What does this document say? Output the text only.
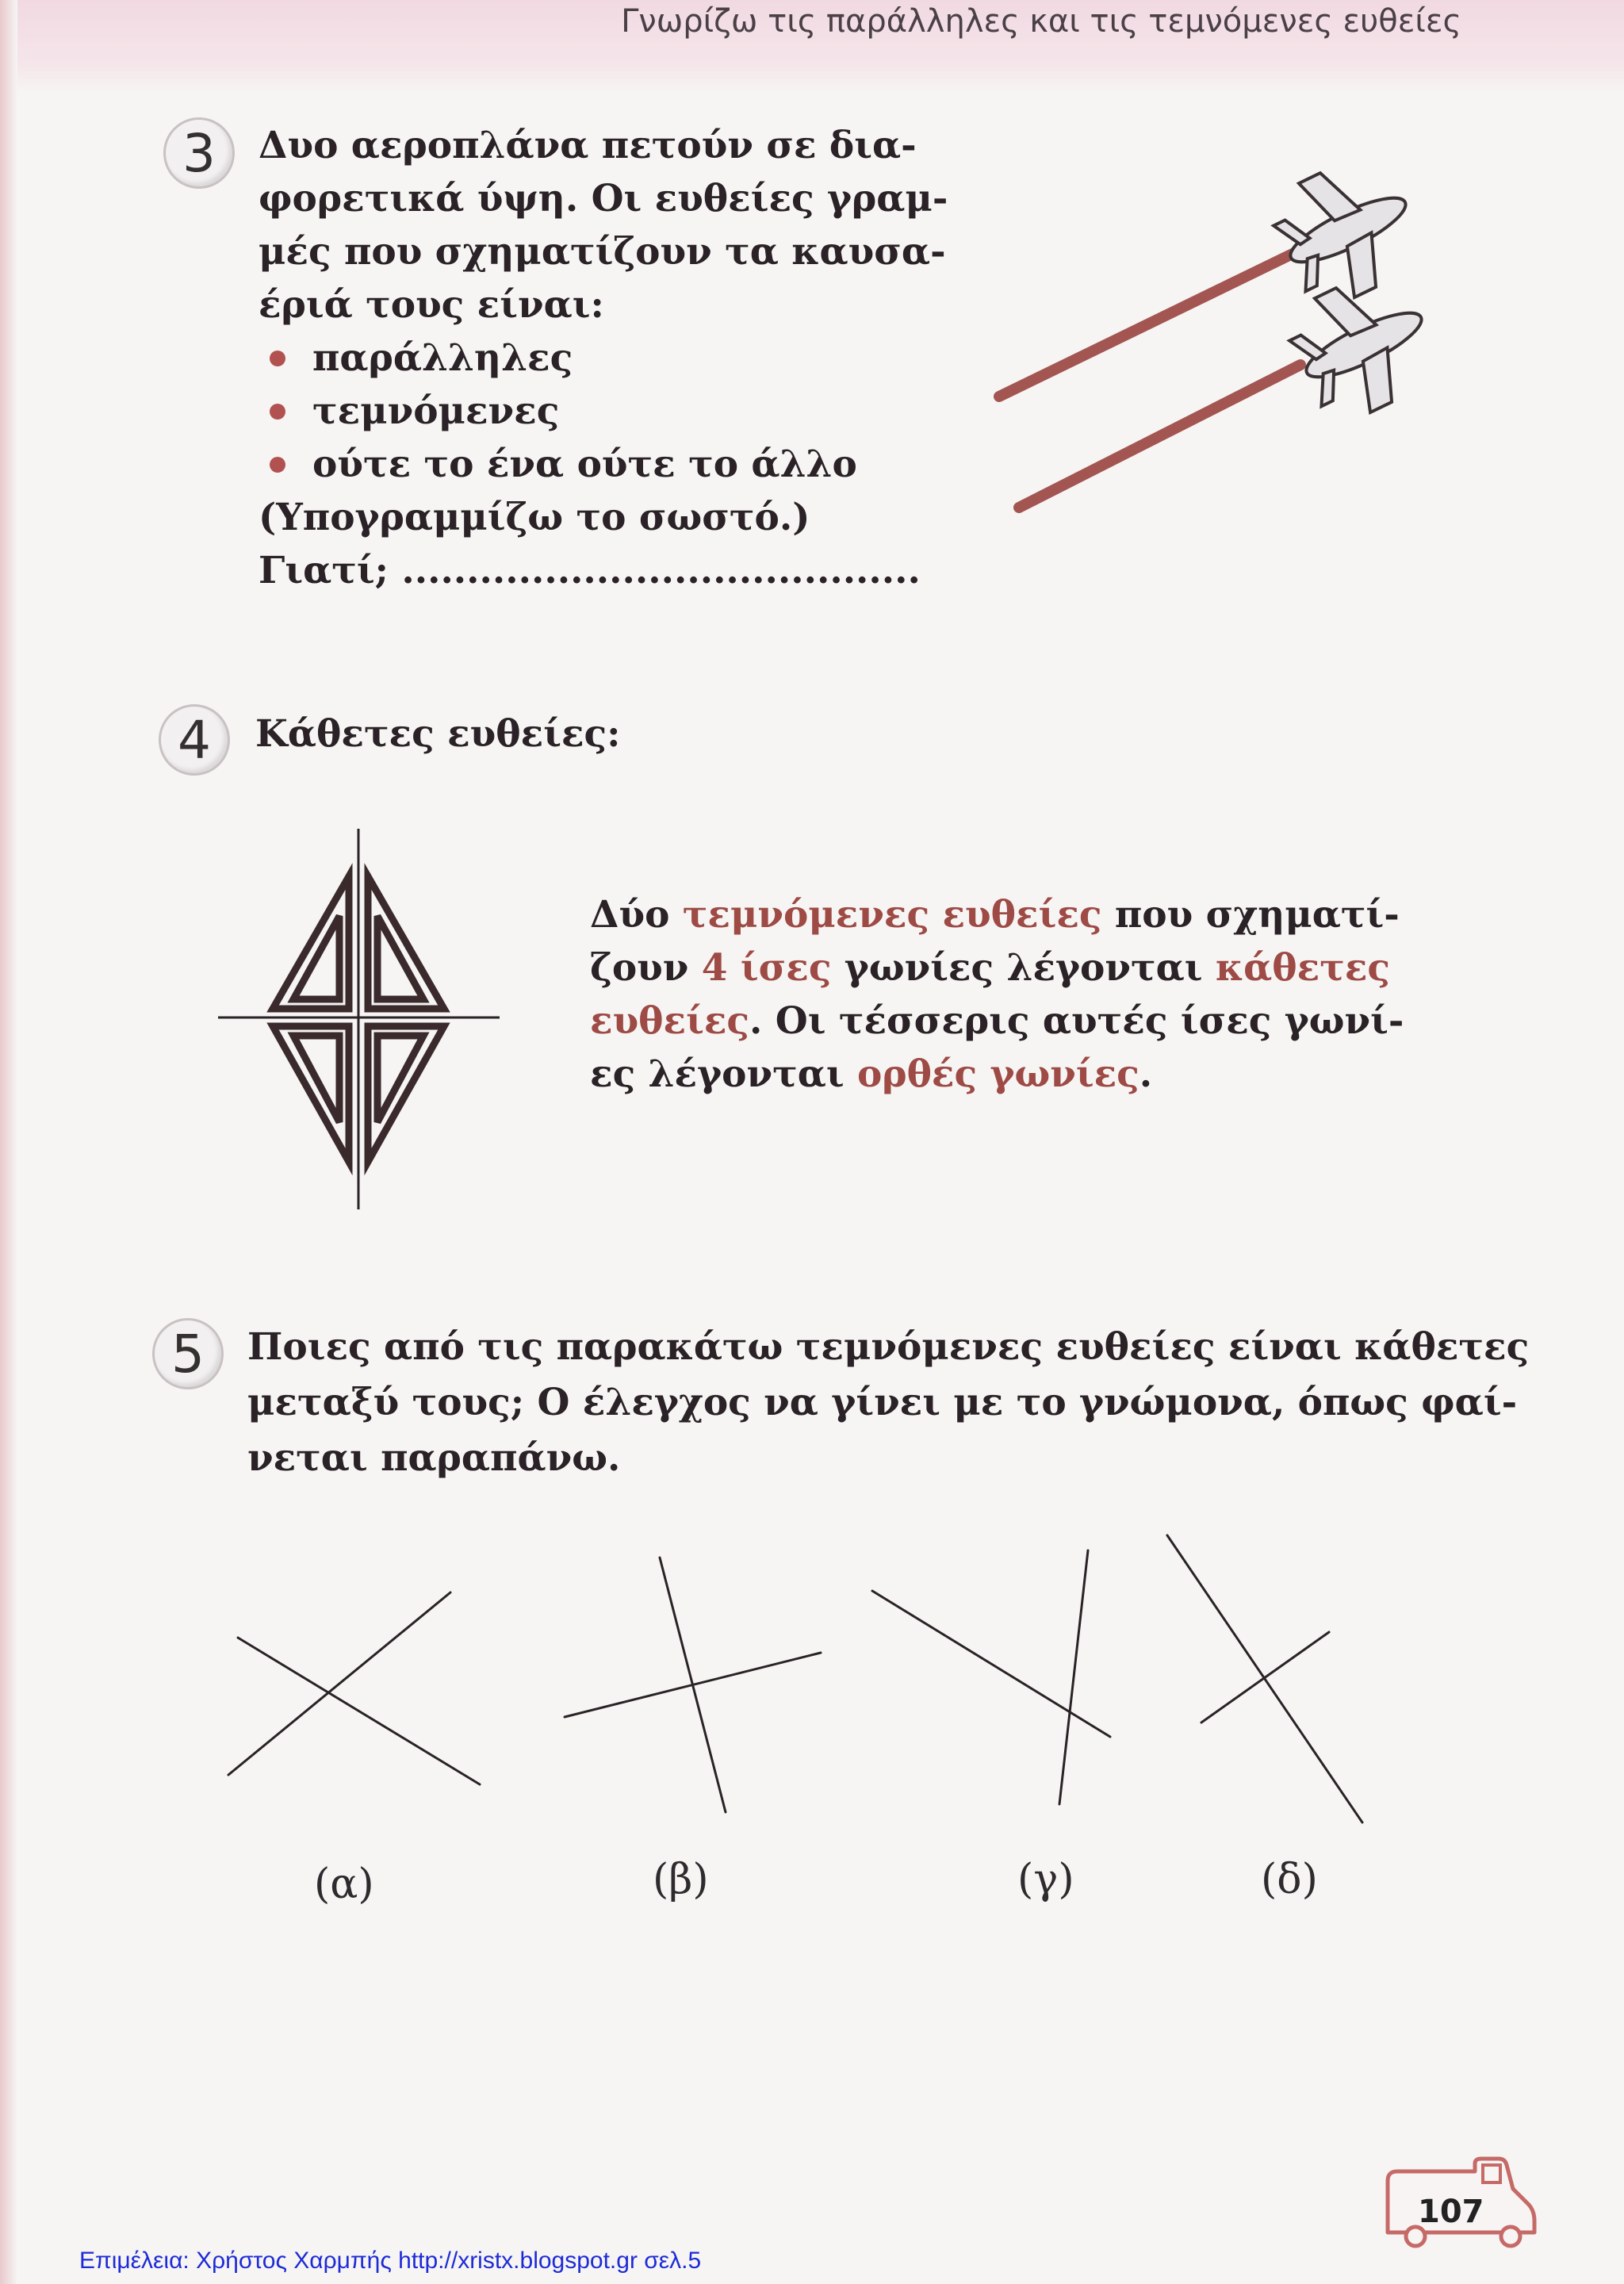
Γνωρίζω τις παράλληλες και τις τεμνόμενες ευθείες
3	Δυο αεροπλάνα πετούν σε δια-
φορετικά ύψη. Οι ευθείες γραμ-
μές που σχηματίζουν τα καυσα-
έριά τους είναι:
παράλληλες
τεμνόμενες
ούτε το ένα ούτε το άλλο
(Υπογραμμίζω το σωστό.)
Γιατί; ........................................
4	Κάθετες ευθείες:
Δύο τεμνόμενες ευθείες που σχηματί-
ζουν 4 ίσες γωνίες λέγονται κάθετες
ευθείες. Οι τέσσερις αυτές ίσες γωνί-
ες λέγονται ορθές γωνίες.
5	Ποιες από τις παρακάτω τεμνόμενες ευθείες είναι κάθετες
μεταξύ τους; Ο έλεγχος να γίνει με το γνώμονα, όπως φαί-
νεται παραπάνω.
(α)	(β)	(γ)	(δ)
107
Επιμέλεια: Χρήστος Χαρμπής http://xristx.blogspot.gr σελ.5
